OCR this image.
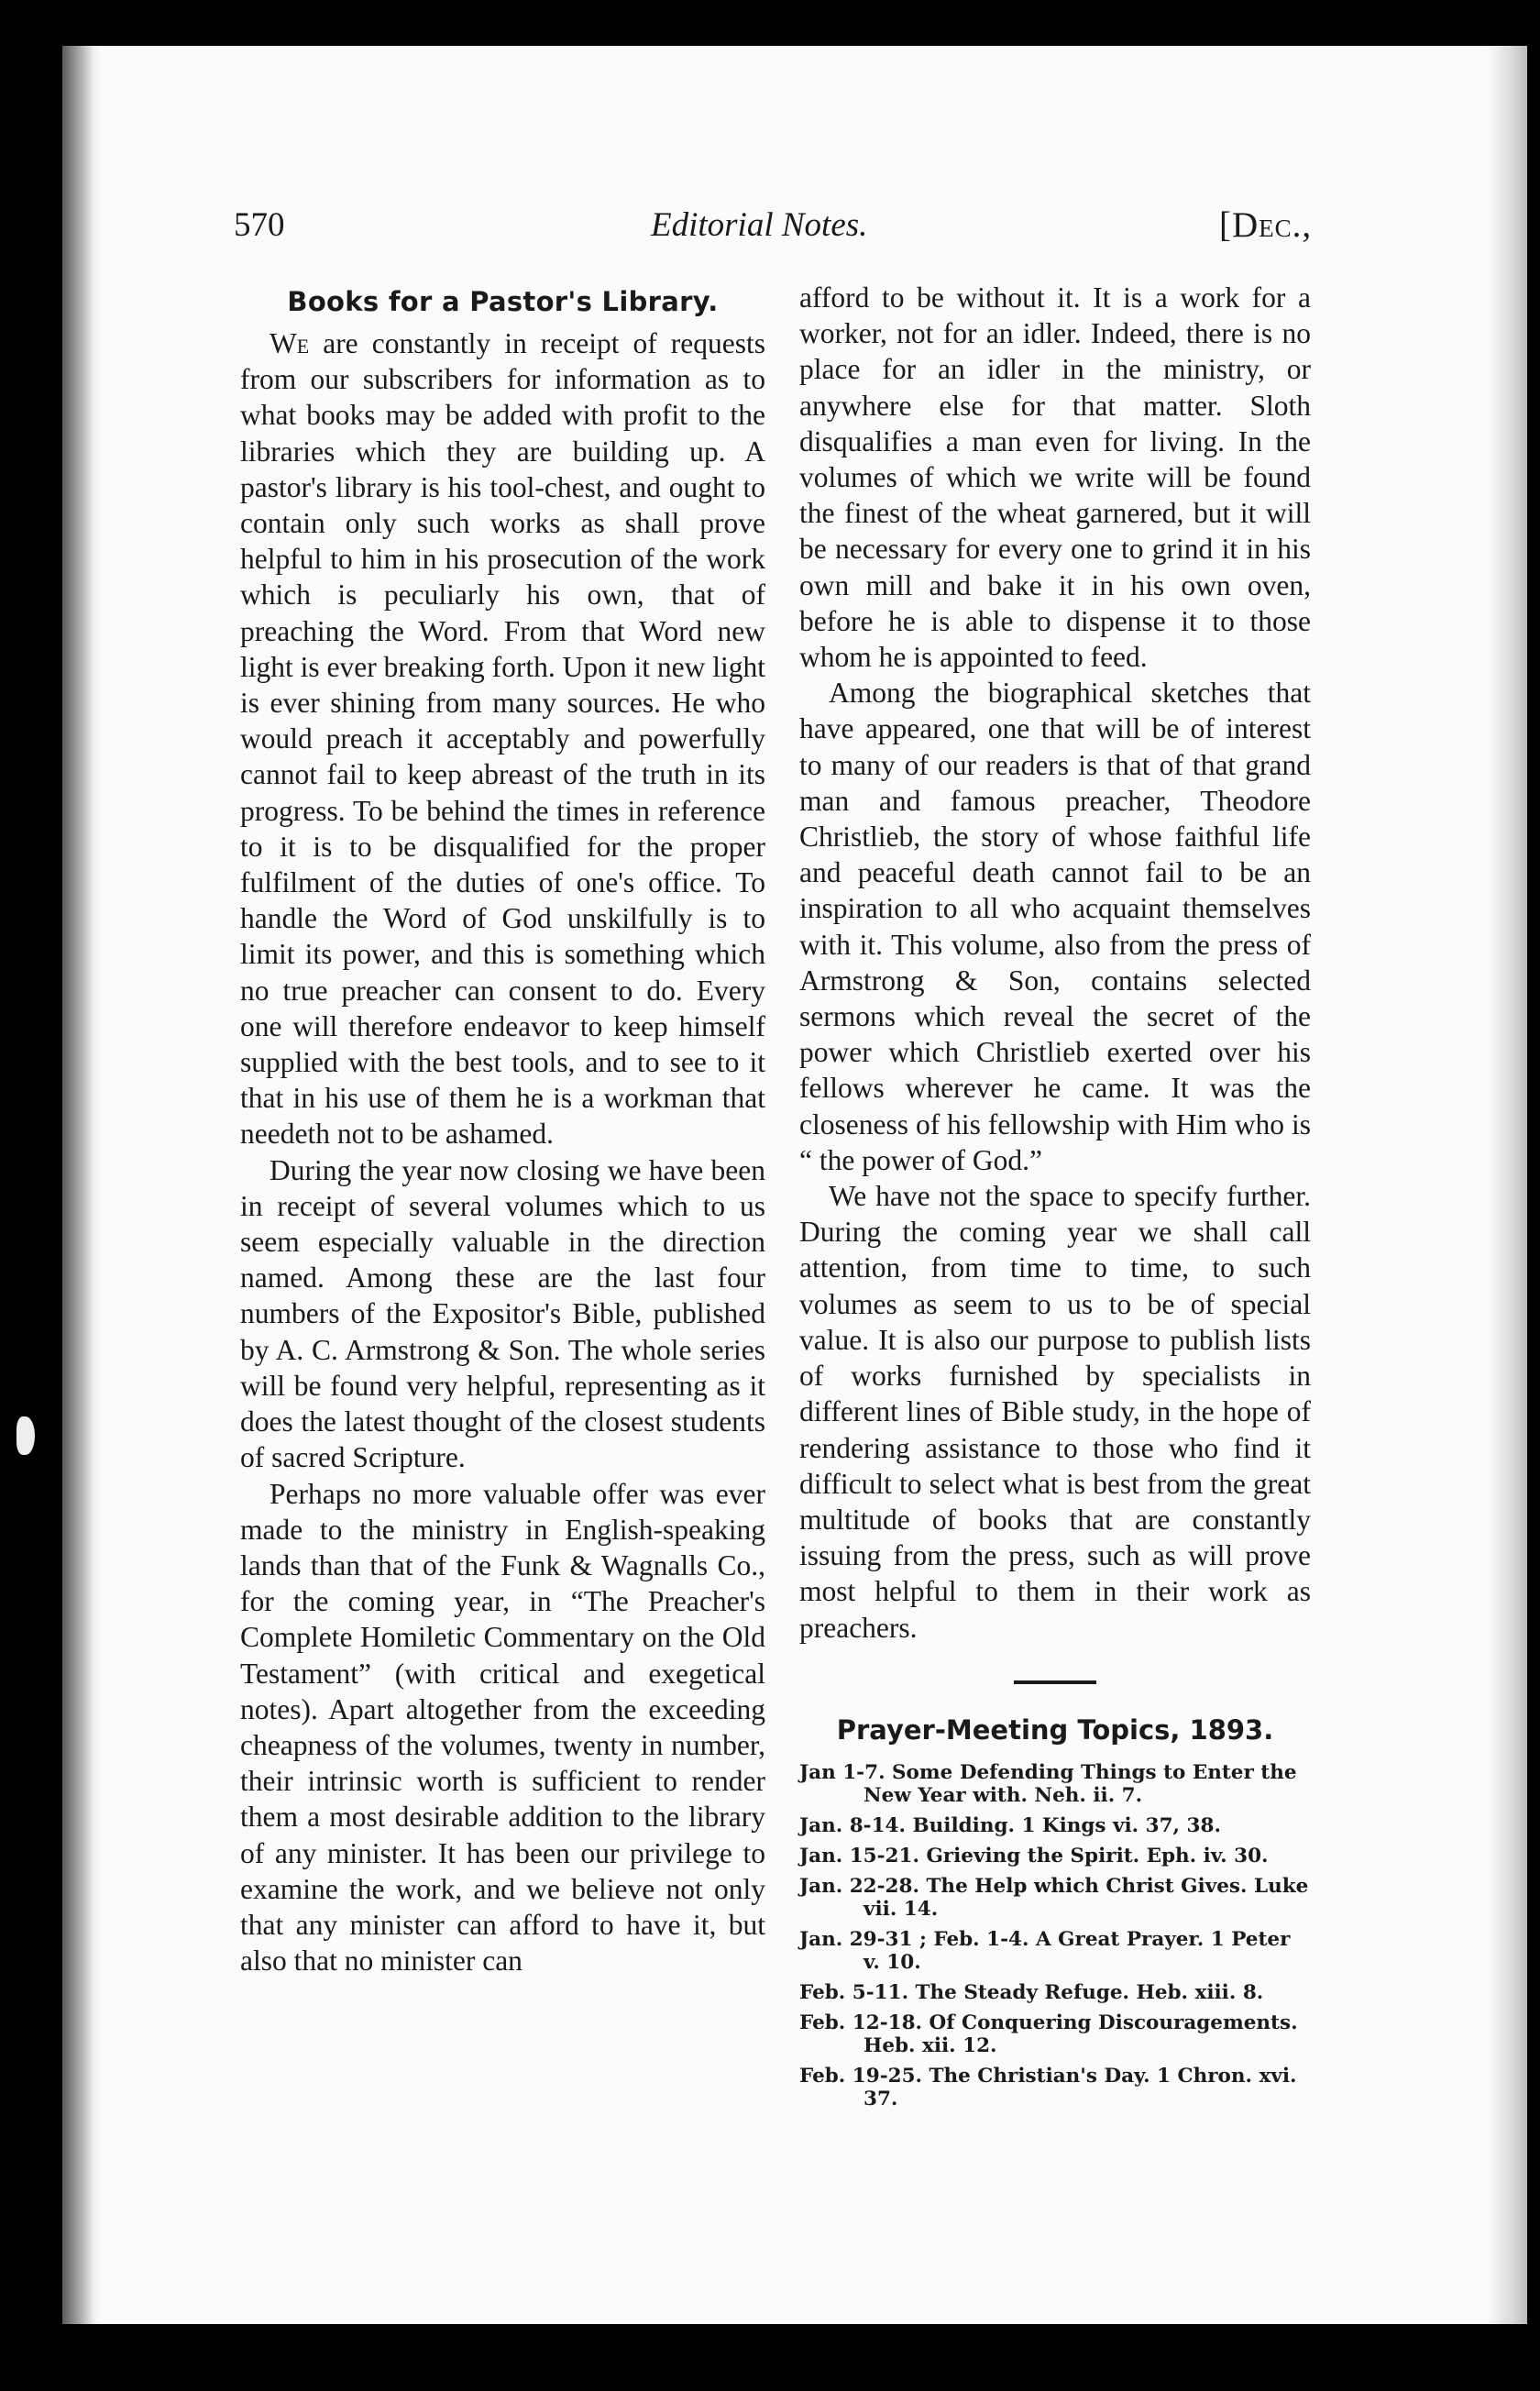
570	Editorial Notes.	[Dec.,
Books for a Pastor's Library.

We are constantly in receipt of requests from our subscribers for information as to what books may be added with profit to the libraries which they are building up. A pastor's library is his tool-chest, and ought to contain only such works as shall prove helpful to him in his prosecution of the work which is peculiarly his own, that of preaching the Word. From that Word new light is ever breaking forth. Upon it new light is ever shining from many sources. He who would preach it acceptably and powerfully cannot fail to keep abreast of the truth in its progress. To be behind the times in reference to it is to be disqualified for the proper fulfilment of the duties of one's office. To handle the Word of God unskilfully is to limit its power, and this is something which no true preacher can consent to do. Every one will therefore endeavor to keep himself supplied with the best tools, and to see to it that in his use of them he is a workman that needeth not to be ashamed.

During the year now closing we have been in receipt of several volumes which to us seem especially valuable in the direction named. Among these are the last four numbers of the Expositor's Bible, published by A. C. Armstrong & Son. The whole series will be found very helpful, representing as it does the latest thought of the closest students of sacred Scripture.

Perhaps no more valuable offer was ever made to the ministry in English-speaking lands than that of the Funk & Wagnalls Co., for the coming year, in “The Preacher's Complete Homiletic Commentary on the Old Testament” (with critical and exegetical notes). Apart altogether from the exceeding cheapness of the volumes, twenty in number, their intrinsic worth is sufficient to render them a most desirable addition to the library of any minister. It has been our privilege to examine the work, and we believe not only that any minister can afford to have it, but also that no minister can

afford to be without it. It is a work for a worker, not for an idler. Indeed, there is no place for an idler in the ministry, or anywhere else for that matter. Sloth disqualifies a man even for living. In the volumes of which we write will be found the finest of the wheat garnered, but it will be necessary for every one to grind it in his own mill and bake it in his own oven, before he is able to dispense it to those whom he is appointed to feed.

Among the biographical sketches that have appeared, one that will be of interest to many of our readers is that of that grand man and famous preacher, Theodore Christlieb, the story of whose faithful life and peaceful death cannot fail to be an inspiration to all who acquaint themselves with it. This volume, also from the press of Armstrong & Son, contains selected sermons which reveal the secret of the power which Christlieb exerted over his fellows wherever he came. It was the closeness of his fellowship with Him who is “ the power of God.”

We have not the space to specify further. During the coming year we shall call attention, from time to time, to such volumes as seem to us to be of special value. It is also our purpose to publish lists of works furnished by specialists in different lines of Bible study, in the hope of rendering assistance to those who find it difficult to select what is best from the great multitude of books that are constantly issuing from the press, such as will prove most helpful to them in their work as preachers.

Prayer-Meeting Topics, 1893.
Jan 1-7. Some Defending Things to Enter the New Year with. Neh. ii. 7.
Jan. 8-14. Building. 1 Kings vi. 37, 38.
Jan. 15-21. Grieving the Spirit. Eph. iv. 30.
Jan. 22-28. The Help which Christ Gives. Luke vii. 14.
Jan. 29-31 ; Feb. 1-4. A Great Prayer. 1 Peter v. 10.
Feb. 5-11. The Steady Refuge. Heb. xiii. 8.
Feb. 12-18. Of Conquering Discouragements. Heb. xii. 12.
Feb. 19-25. The Christian's Day. 1 Chron. xvi. 37.
